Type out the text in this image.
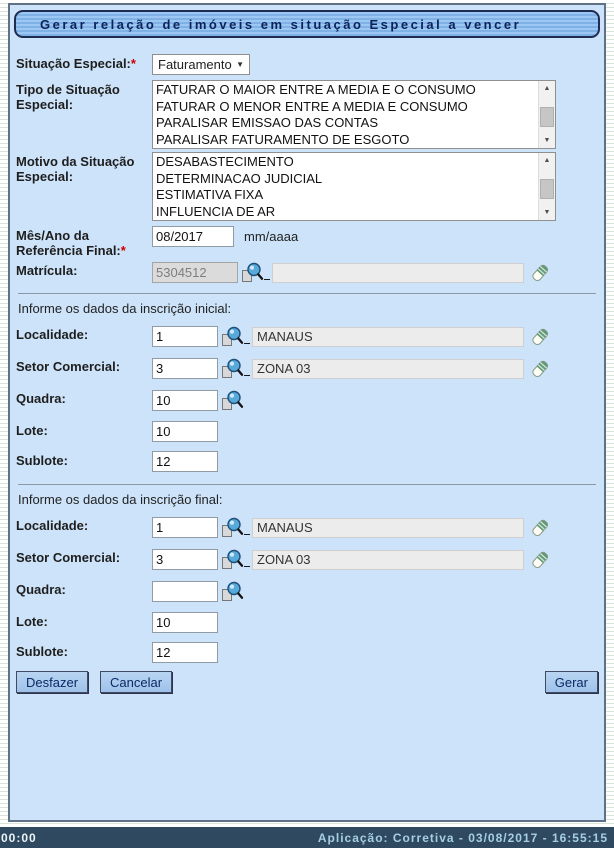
Gerar relação de imóveis em situação Especial a vencer
Situação Especial:*	Faturamento ▼
Tipo de Situação Especial:
FATURAR O MAIOR ENTRE A MEDIA E O CONSUMO
FATURAR O MENOR ENTRE A MEDIA E CONSUMO
PARALISAR EMISSAO DAS CONTAS
PARALISAR FATURAMENTO DE ESGOTO
▲
▼
Motivo da Situação Especial:
DESABASTECIMENTO
DETERMINACAO JUDICIAL
ESTIMATIVA FIXA
INFLUENCIA DE AR
▲
▼
Mês/Ano da Referência Final:*
08/2017
mm/aaaa
Matrícula:
5304512
Informe os dados da inscrição inicial:
Localidade:
1	MANAUS
Setor Comercial:
3	ZONA 03
Quadra:
10
Lote:
10
Sublote:
12
Informe os dados da inscrição final:
Localidade:
1	MANAUS
Setor Comercial:
3	ZONA 03
Quadra:
Lote:
10
Sublote:
12
Desfazer	Cancelar	Gerar
00:00	Aplicação: Corretiva - 03/08/2017 - 16:55:15
